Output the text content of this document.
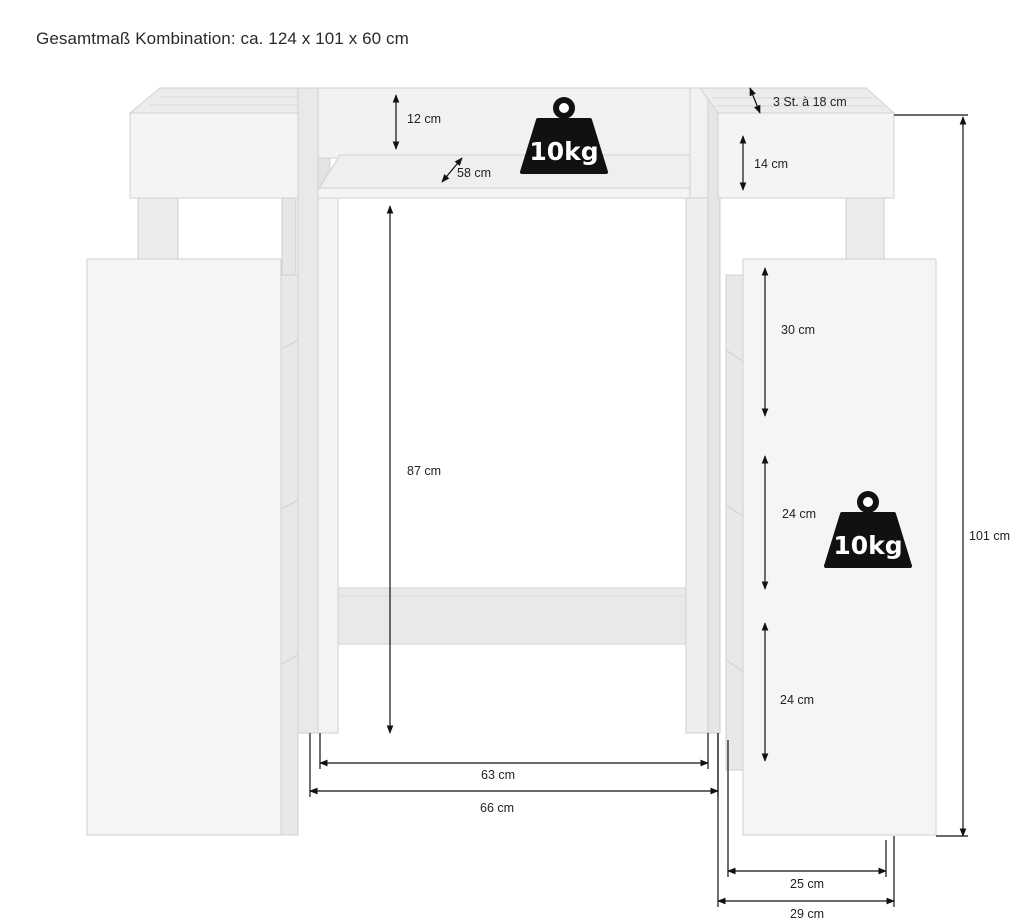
Gesamtmaß Kombination: ca. 124 x 101 x 60 cm
10kg
10kg
12 cm
58 cm
87 cm
3 St. à 18 cm
14 cm
30 cm
24 cm
24 cm
101 cm
63 cm
66 cm
25 cm
29 cm
